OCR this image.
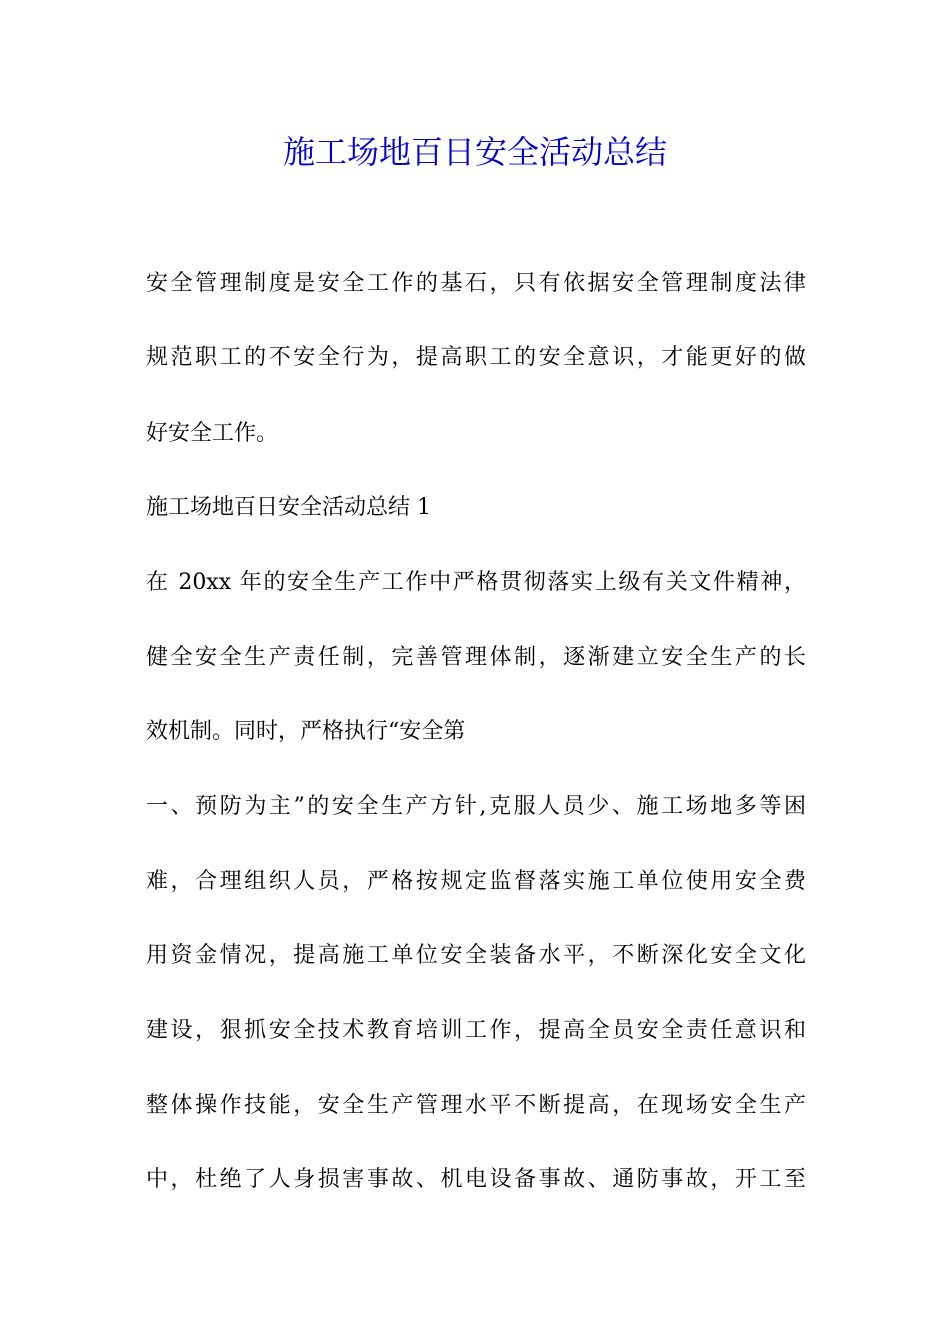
施工场地百日安全活动总结

安全管理制度是安全工作的基石，只有依据安全管理制度法律

规范职工的不安全行为，提高职工的安全意识，才能更好的做

好安全工作。

施工场地百日安全活动总结 1

在 20xx 年的安全生产工作中严格贯彻落实上级有关文件精神，

健全安全生产责任制，完善管理体制，逐渐建立安全生产的长

效机制。同时，严格执行“安全第

一、预防为主”的安全生产方针,克服人员少、施工场地多等困

难，合理组织人员，严格按规定监督落实施工单位使用安全费

用资金情况，提高施工单位安全装备水平，不断深化安全文化

建设，狠抓安全技术教育培训工作，提高全员安全责任意识和

整体操作技能，安全生产管理水平不断提高，在现场安全生产

中，杜绝了人身损害事故、机电设备事故、通防事故，开工至
